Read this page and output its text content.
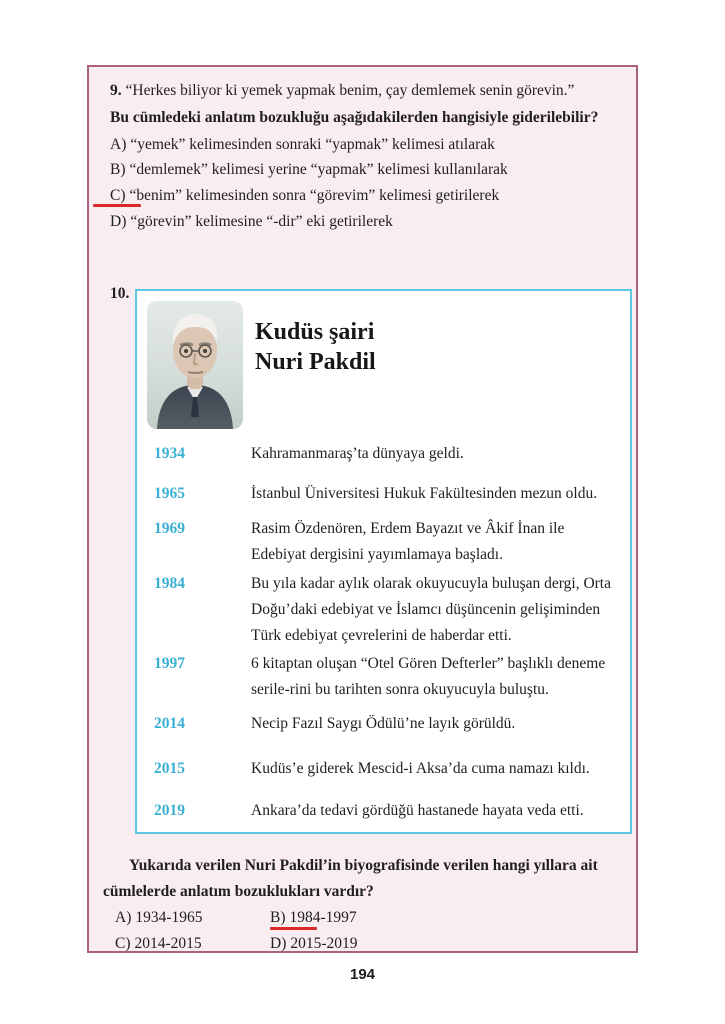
9. “Herkes biliyor ki yemek yapmak benim, çay demlemek senin görevin.”
Bu cümledeki anlatım bozukluğu aşağıdakilerden hangisiyle giderilebilir?
A) “yemek” kelimesinden sonraki “yapmak” kelimesi atılarak
B) “demlemek” kelimesi yerine “yapmak” kelimesi kullanılarak
C) “benim” kelimesinden sonra “görevim” kelimesi getirilerek
D) “görevin” kelimesine “-dir” eki getirilerek
10.
Kudüs şairi
Nuri Pakdil
1934	Kahramanmaraş’ta dünyaya geldi.
1965	İstanbul Üniversitesi Hukuk Fakültesinden mezun oldu.
1969	Rasim Özdenören, Erdem Bayazıt ve Âkif İnan ile Edebiyat dergisini yayımlamaya başladı.
1984	Bu yıla kadar aylık olarak okuyucuyla buluşan dergi, Orta Doğu’daki edebiyat ve İslamcı düşüncenin gelişiminden Türk edebiyat çevrelerini de haberdar etti.
1997	6 kitaptan oluşan “Otel Gören Defterler” başlıklı deneme serile-rini bu tarihten sonra okuyucuyla buluştu.
2014	Necip Fazıl Saygı Ödülü’ne layık görüldü.
2015	Kudüs’e giderek Mescid-i Aksa’da cuma namazı kıldı.
2019	Ankara’da tedavi gördüğü hastanede hayata veda etti.
Yukarıda verilen Nuri Pakdil’in biyografisinde verilen hangi yıllara ait cümlelerde anlatım bozuklukları vardır?
A) 1934-1965	B) 1984-1997
C) 2014-2015	D) 2015-2019
194
